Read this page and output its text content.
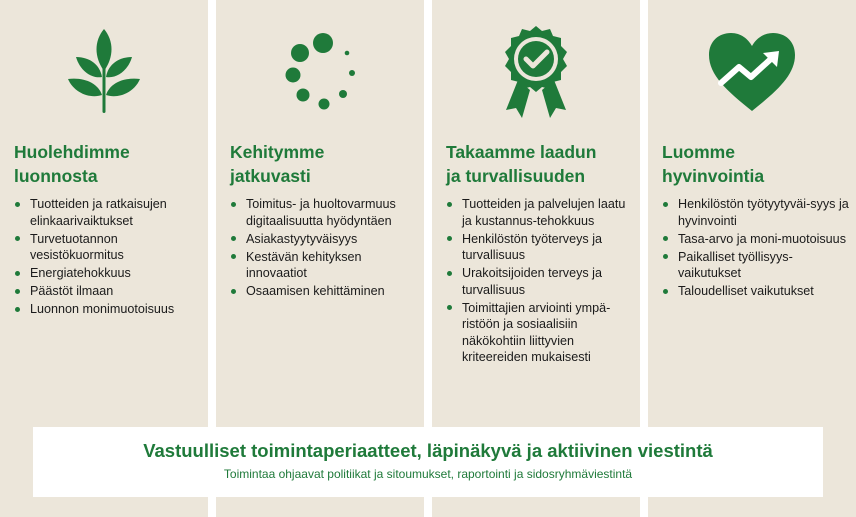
Huolehdimme
luonnosta
Tuotteiden ja ratkaisujen elinkaarivaiktukset
Turvetuotannon vesistökuormitus
Energiatehokkuus
Päästöt ilmaan
Luonnon monimuotoisuus
Kehitymme
jatkuvasti
Toimitus- ja huoltovarmuus digitaalisuutta hyödyntäen
Asiakastyytyväisyys
Kestävän kehityksen innovaatiot
Osaamisen kehittäminen
Takaamme laadun
ja turvallisuuden
Tuotteiden ja palvelujen laatu ja kustannus-tehokkuus
Henkilöstön työterveys ja turvallisuus
Urakoitsijoiden terveys ja turvallisuus
Toimittajien arviointi ympä-ristöön ja sosiaalisiin näkökohtiin liittyvien kriteereiden mukaisesti
Luomme
hyvinvointia
Henkilöstön työtyytyväi-syys ja hyvinvointi
Tasa-arvo ja moni-muotoisuus
Paikalliset työllisyys-vaikutukset
Taloudelliset vaikutukset
Vastuulliset toimintaperiaatteet, läpinäkyvä ja aktiivinen viestintä
Toimintaa ohjaavat politiikat ja sitoumukset, raportointi ja sidosryhmäviestintä
